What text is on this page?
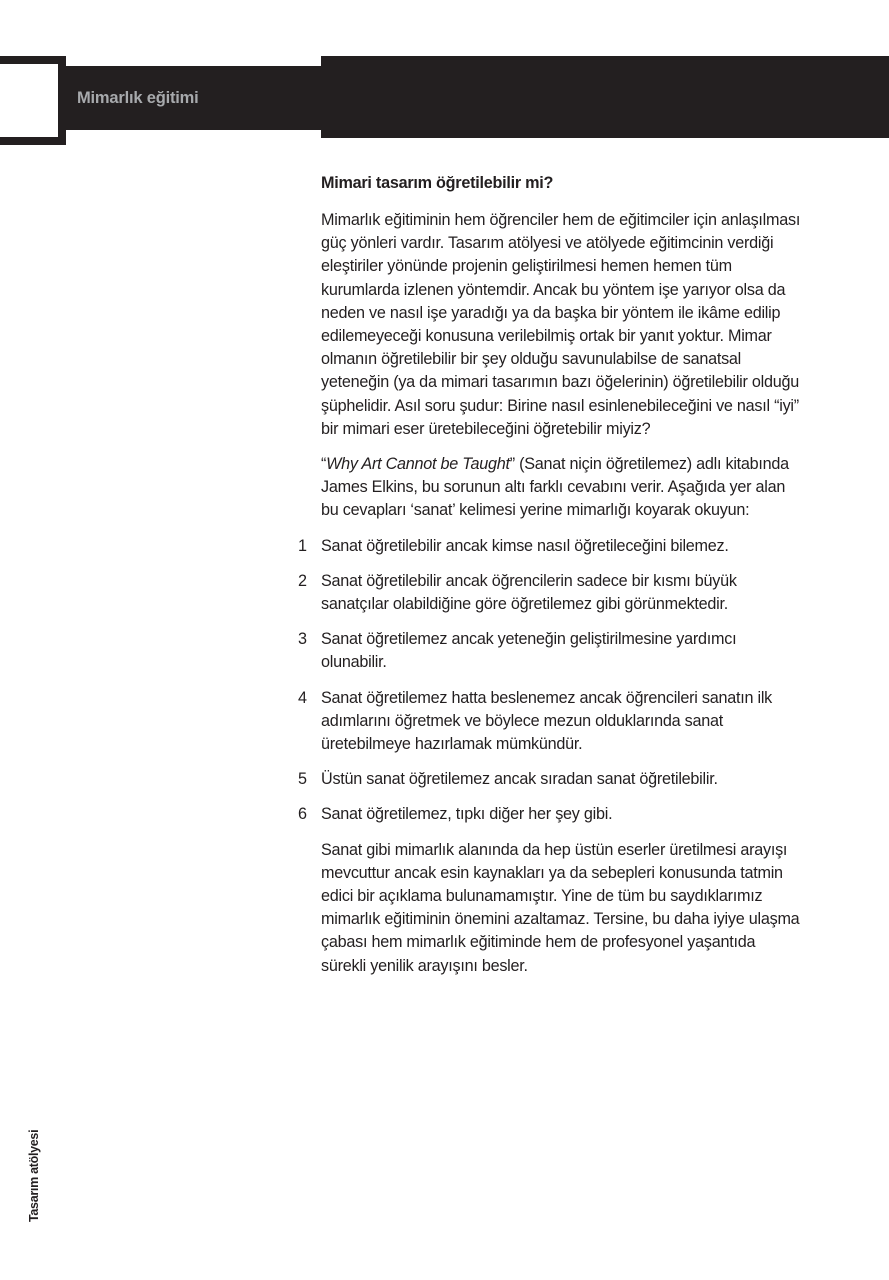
Mimarlık eğitimi
Mimari tasarım öğretilebilir mi?

Mimarlık eğitiminin hem öğrenciler hem de eğitimciler için anlaşılması güç yönleri vardır. Tasarım atölyesi ve atölyede eğitimcinin verdiği eleştiriler yönünde projenin geliştirilmesi hemen hemen tüm kurumlarda izlenen yöntemdir. Ancak bu yöntem işe yarıyor olsa da neden ve nasıl işe yaradığı ya da başka bir yöntem ile ikâme edilip edilemeyeceği konusuna verilebilmiş ortak bir yanıt yoktur. Mimar olmanın öğretilebilir bir şey olduğu savunulabilse de sanatsal yeteneğin (ya da mimari tasarımın bazı öğelerinin) öğretilebilir olduğu şüphelidir. Asıl soru şudur: Birine nasıl esinlenebileceğini ve nasıl “iyi” bir mimari eser üretebileceğini öğretebilir miyiz?

“Why Art Cannot be Taught” (Sanat niçin öğretilemez) adlı kitabında James Elkins, bu sorunun altı farklı cevabını verir. Aşağıda yer alan bu cevapları ‘sanat’ kelimesi yerine mimarlığı koyarak okuyun:

1 Sanat öğretilebilir ancak kimse nasıl öğretileceğini bilemez.
2 Sanat öğretilebilir ancak öğrencilerin sadece bir kısmı büyük sanatçılar olabildiğine göre öğretilemez gibi görünmektedir.
3 Sanat öğretilemez ancak yeteneğin geliştirilmesine yardımcı olunabilir.
4 Sanat öğretilemez hatta beslenemez ancak öğrencileri sanatın ilk adımlarını öğretmek ve böylece mezun olduklarında sanat üretebilmeye hazırlamak mümkündür.
5 Üstün sanat öğretilemez ancak sıradan sanat öğretilebilir.
6 Sanat öğretilemez, tıpkı diğer her şey gibi.

Sanat gibi mimarlık alanında da hep üstün eserler üretilmesi arayışı mevcuttur ancak esin kaynakları ya da sebepleri konusunda tatmin edici bir açıklama bulunamamıştır. Yine de tüm bu saydıklarımız mimarlık eğitiminin önemini azaltamaz. Tersine, bu daha iyiye ulaşma çabası hem mimarlık eğitiminde hem de profesyonel yaşantıda sürekli yenilik arayışını besler.

Tasarım atölyesi
